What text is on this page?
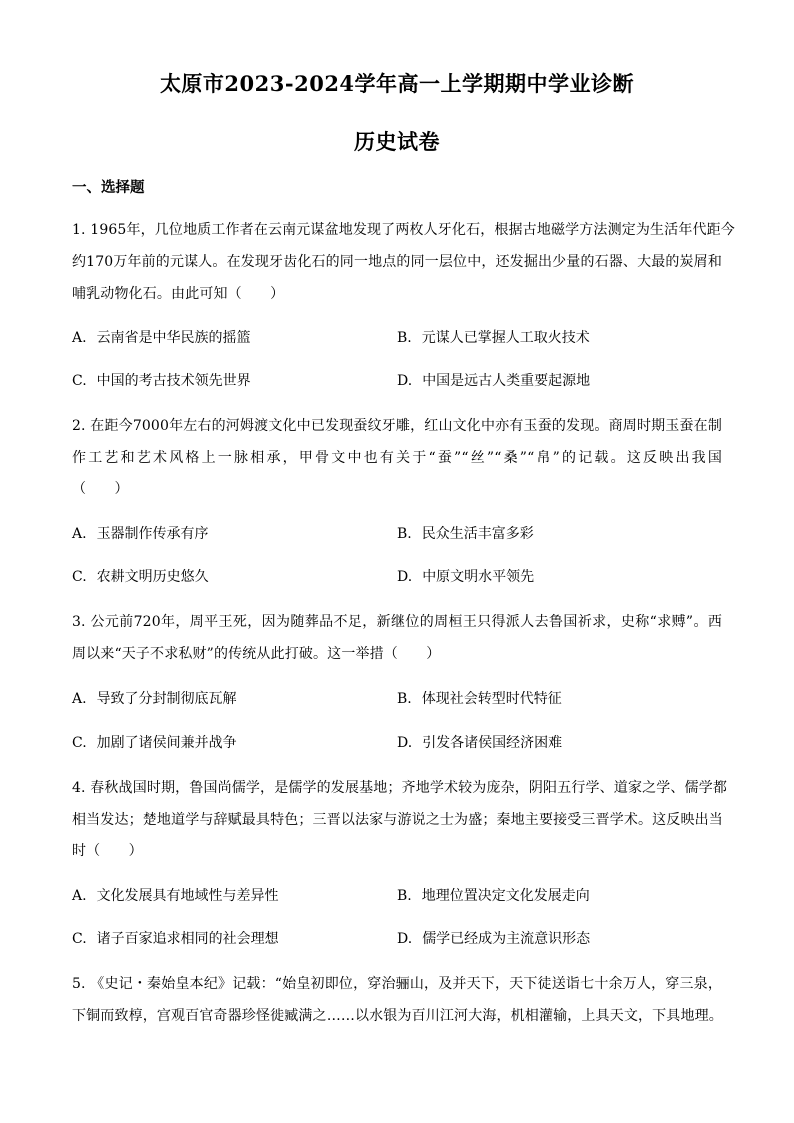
太原市2023-2024学年高一上学期期中学业诊断
历史试卷
一、选择题
1. 1965年，几位地质工作者在云南元谋盆地发现了两枚人牙化石，根据古地磁学方法测定为生活年代距今
约170万年前的元谋人。在发现牙齿化石的同一地点的同一层位中，还发掘出少量的石器、大最的炭屑和
哺乳动物化石。由此可知（　　）
A. 云南省是中华民族的摇篮	B. 元谋人已掌握人工取火技术
C. 中国的考古技术领先世界	D. 中国是远古人类重要起源地
2. 在距今7000年左右的河姆渡文化中已发现蚕纹牙雕，红山文化中亦有玉蚕的发现。商周时期玉蚕在制
作工艺和艺术风格上一脉相承，甲骨文中也有关于“蚕”“丝”“桑”“帛”的记载。这反映出我国
（　　）
A. 玉器制作传承有序	B. 民众生活丰富多彩
C. 农耕文明历史悠久	D. 中原文明水平领先
3. 公元前720年，周平王死，因为随葬品不足，新继位的周桓王只得派人去鲁国祈求，史称“求赙”。西
周以来“天子不求私财”的传统从此打破。这一举措（　　）
A. 导致了分封制彻底瓦解	B. 体现社会转型时代特征
C. 加剧了诸侯间兼并战争	D. 引发各诸侯国经济困难
4. 春秋战国时期，鲁国尚儒学，是儒学的发展基地；齐地学术较为庞杂，阴阳五行学、道家之学、儒学都
相当发达；楚地道学与辞赋最具特色；三晋以法家与游说之士为盛；秦地主要接受三晋学术。这反映出当
时（　　）
A. 文化发展具有地域性与差异性	B. 地理位置决定文化发展走向
C. 诸子百家追求相同的社会理想	D. 儒学已经成为主流意识形态
5. 《史记・秦始皇本纪》记载：“始皇初即位，穿治骊山，及并天下，天下徒送诣七十余万人，穿三泉，
下铜而致椁，宫观百官奇器珍怪徙臧满之……以水银为百川江河大海，机相灌输，上具天文，下具地理。
